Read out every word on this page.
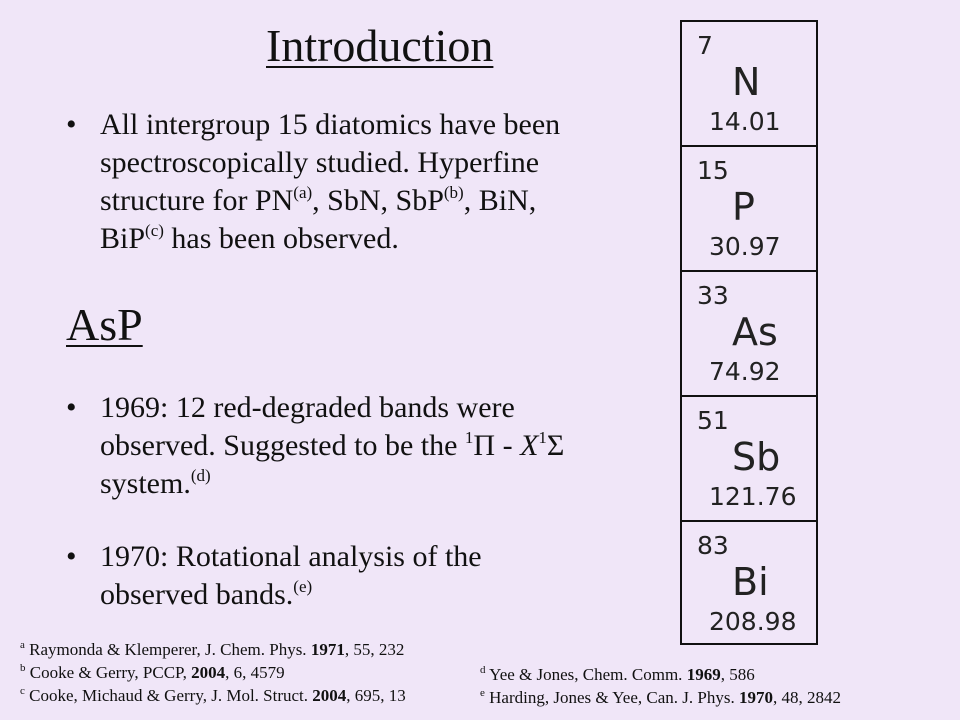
Introduction
• All intergroup 15 diatomics have been
spectroscopically studied. Hyperfine
structure for PN$^{(a)}$, SbN, SbP$^{(b)}$, BiN,
BiP$^{(c)}$ has been observed.
AsP
• 1969: 12 red-degraded bands were
observed. Suggested to be the $^1\Pi - X^1\Sigma$
system.$^{(d)}$
• 1970: Rotational analysis of the
observed bands.$^{(e)}$
$^a$ Raymonda & Klemperer, J. Chem. Phys. 1971, 55, 232
$^b$ Cooke & Gerry, PCCP, 2004, 6, 4579
$^c$ Cooke, Michaud & Gerry, J. Mol. Struct. 2004, 695, 13
$^d$ Yee & Jones, Chem. Comm. 1969, 586
$^e$ Harding, Jones & Yee, Can. J. Phys. 1970, 48, 2842
7
N
14.01
15
P
30.97
33
As
74.92
51
Sb
121.76
83
Bi
208.98
